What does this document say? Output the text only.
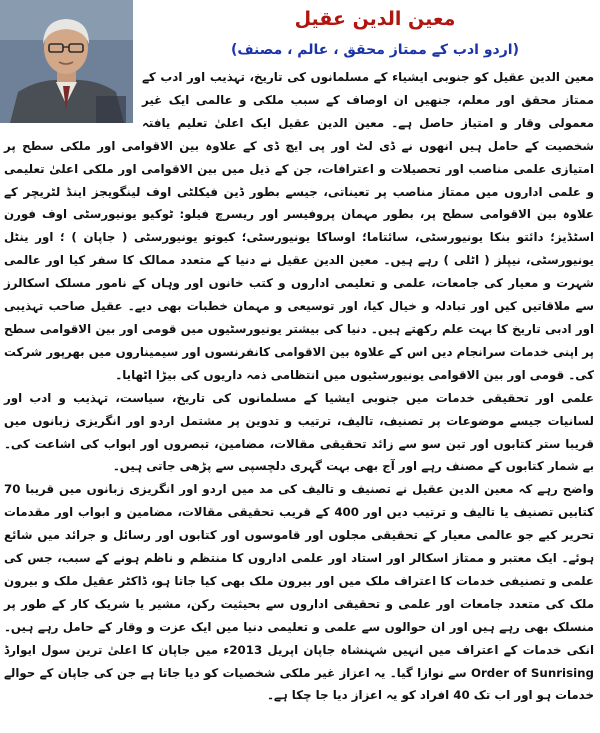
معین الدین عقیل
(اردو ادب کے ممتاز محقق ، عالم ، مصنف)

معین الدین عقیل کو جنوبی ایشیاء کے مسلمانوں کی تاریخ، تہذیب اور ادب کے ممتاز محقق اور معلم، جنھیں ان اوصاف کے سبب ملکی و عالمی ایک غیر معمولی وقار و امتیاز حاصل ہے۔ معین الدین عقیل ایک اعلیٰ تعلیم یافتہ شخصیت کے حامل ہیں انھوں نے ڈی لٹ اور پی ایچ ڈی کے علاوہ بین الاقوامی اور ملکی سطح پر امتیازی علمی مناصب اور تحصیلات و اعترافات، جن کے ذیل میں بین الاقوامی اور ملکی اعلیٰ تعلیمی و علمی اداروں میں ممتاز مناصب پر تعیناتی، جیسے بطور ڈین فیکلٹی اوف لینگویجز اینڈ لٹریچر کے علاوہ بین الاقوامی سطح پر، بطور مہمان پروفیسر اور ریسرچ فیلو: ٹوکیو یونیورسٹی اوف فورن اسٹڈیز؛ دائتو بنکا یونیورسٹی، سائتاما؛ اوساکا یونیورسٹی؛ کیوتو یونیورسٹی ( جاپان ) ؛ اور ینٹل یونیورسٹی، نیپلز ( اٹلی ) رہے ہیں۔ معین الدین عقیل نے دنیا کے متعدد ممالک کا سفر کیا اور عالمی شہرت و معیار کی جامعات، علمی و تعلیمی اداروں و کتب خانوں اور وہاں کے نامور مسلک اسکالرز سے ملاقاتیں کیں اور تبادلہ و خیال کیا، اور توسیعی و مہمان خطبات بھی دیے۔ عقیل صاحب تہذیبی اور ادبی تاریخ کا بہت علم رکھتے ہیں۔ دنیا کی بیشتر یونیورسٹیوں میں قومی اور بین الاقوامی سطح پر اپنی خدمات سرانجام دیں اس کے علاوہ بین الاقوامی کانفرنسوں اور سیمیناروں میں بھرپور شرکت کی۔ قومی اور بین الاقوامی یونیورسٹیوں میں انتظامی ذمہ داریوں کی بیڑا اٹھایا۔

علمی اور تحقیقی خدمات میں جنوبی ایشیا کے مسلمانوں کی تاریخ، سیاست، تہذیب و ادب اور لسانیات جیسے موضوعات پر تصنیف، تالیف، ترتیب و تدوین پر مشتمل اردو اور انگریزی زبانوں میں قریبا ستر کتابوں اور تین سو سے زائد تحقیقی مقالات، مضامین، تبصروں اور ابواب کی اشاعت کی۔ بے شمار کتابوں کے مصنف رہے اور آج بھی بہت گہری دلچسپی سے پڑھی جاتی ہیں۔

واضح رہے کہ معین الدین عقیل نے تصنیف و تالیف کی مد میں اردو اور انگریزی زبانوں میں قریبا 70 کتابیں تصنیف یا تالیف و ترتیب دیں اور 400 کے قریب تحقیقی مقالات، مضامین و ابواب اور مقدمات تحریر کیے جو عالمی معیار کے تحقیقی مجلوں اور قاموسوں اور کتابوں اور رسائل و جرائد میں شائع ہوئے۔ ایک معتبر و ممتاز اسکالر اور استاد اور علمی اداروں کا منتظم و ناظم ہونے کے سبب، جس کی علمی و تصنیفی خدمات کا اعتراف ملک میں اور بیرون ملک بھی کیا جاتا ہو، ڈاکٹر عقیل ملک و بیرون ملک کی متعدد جامعات اور علمی و تحقیقی اداروں سے بحیثیت رکن، مشیر یا شریک کار کے طور پر منسلک بھی رہے ہیں اور ان حوالوں سے علمی و تعلیمی دنیا میں ایک عزت و وقار کے حامل رہے ہیں۔ انکی خدمات کے اعتراف میں انہیں شہنشاہ جاپان اپریل 2013ء میں جاپان کا اعلیٰ ترین سول ایوارڈ Order of Sunrising سے نوازا گیا۔ یہ اعزاز غیر ملکی شخصیات کو دیا جاتا ہے جن کی جاپان کے حوالے خدمات ہو اور اب تک 40 افراد کو یہ اعزاز دیا جا چکا ہے۔
